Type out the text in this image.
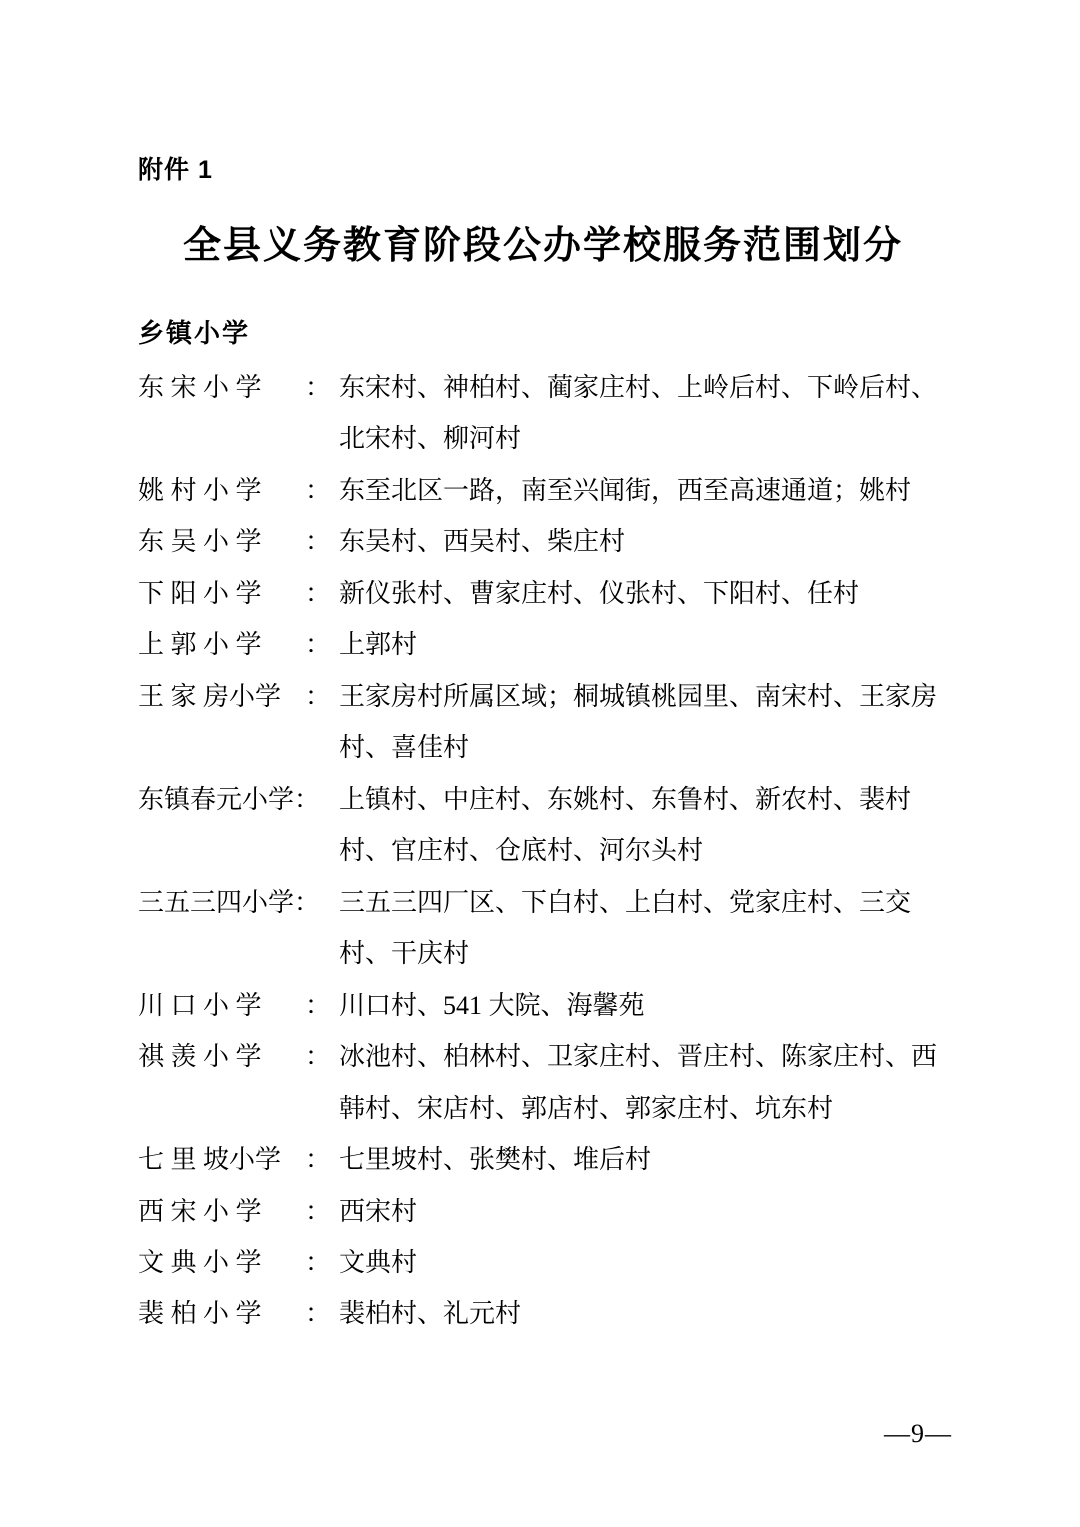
附件 1
全县义务教育阶段公办学校服务范围划分
乡镇小学
东 宋 小 学 ： 东宋村、神柏村、蔺家庄村、上岭后村、下岭后村、北宋村、柳河村
姚 村 小 学 ： 东至北区一路，南至兴闻街，西至高速通道；姚村
东 吴 小 学 ： 东吴村、西吴村、柴庄村
下 阳 小 学 ： 新仪张村、曹家庄村、仪张村、下阳村、任村
上 郭 小 学 ： 上郭村
王 家 房小学 ： 王家房村所属区域；桐城镇桃园里、南宋村、王家房村、喜佳村
东镇春元小学 ： 上镇村、中庄村、东姚村、东鲁村、新农村、裴村村、官庄村、仓底村、河尔头村
三五三四小学 ： 三五三四厂区、下白村、上白村、党家庄村、三交村、干庆村
川 口 小 学 ： 川口村、541 大院、海馨苑
祺 羡 小 学 ： 冰池村、柏林村、卫家庄村、晋庄村、陈家庄村、西韩村、宋店村、郭店村、郭家庄村、坑东村
七 里 坡小学 ： 七里坡村、张樊村、堆后村
西 宋 小 学 ： 西宋村
文 典 小 学 ： 文典村
裴 柏 小 学 ： 裴柏村、礼元村
—9—
